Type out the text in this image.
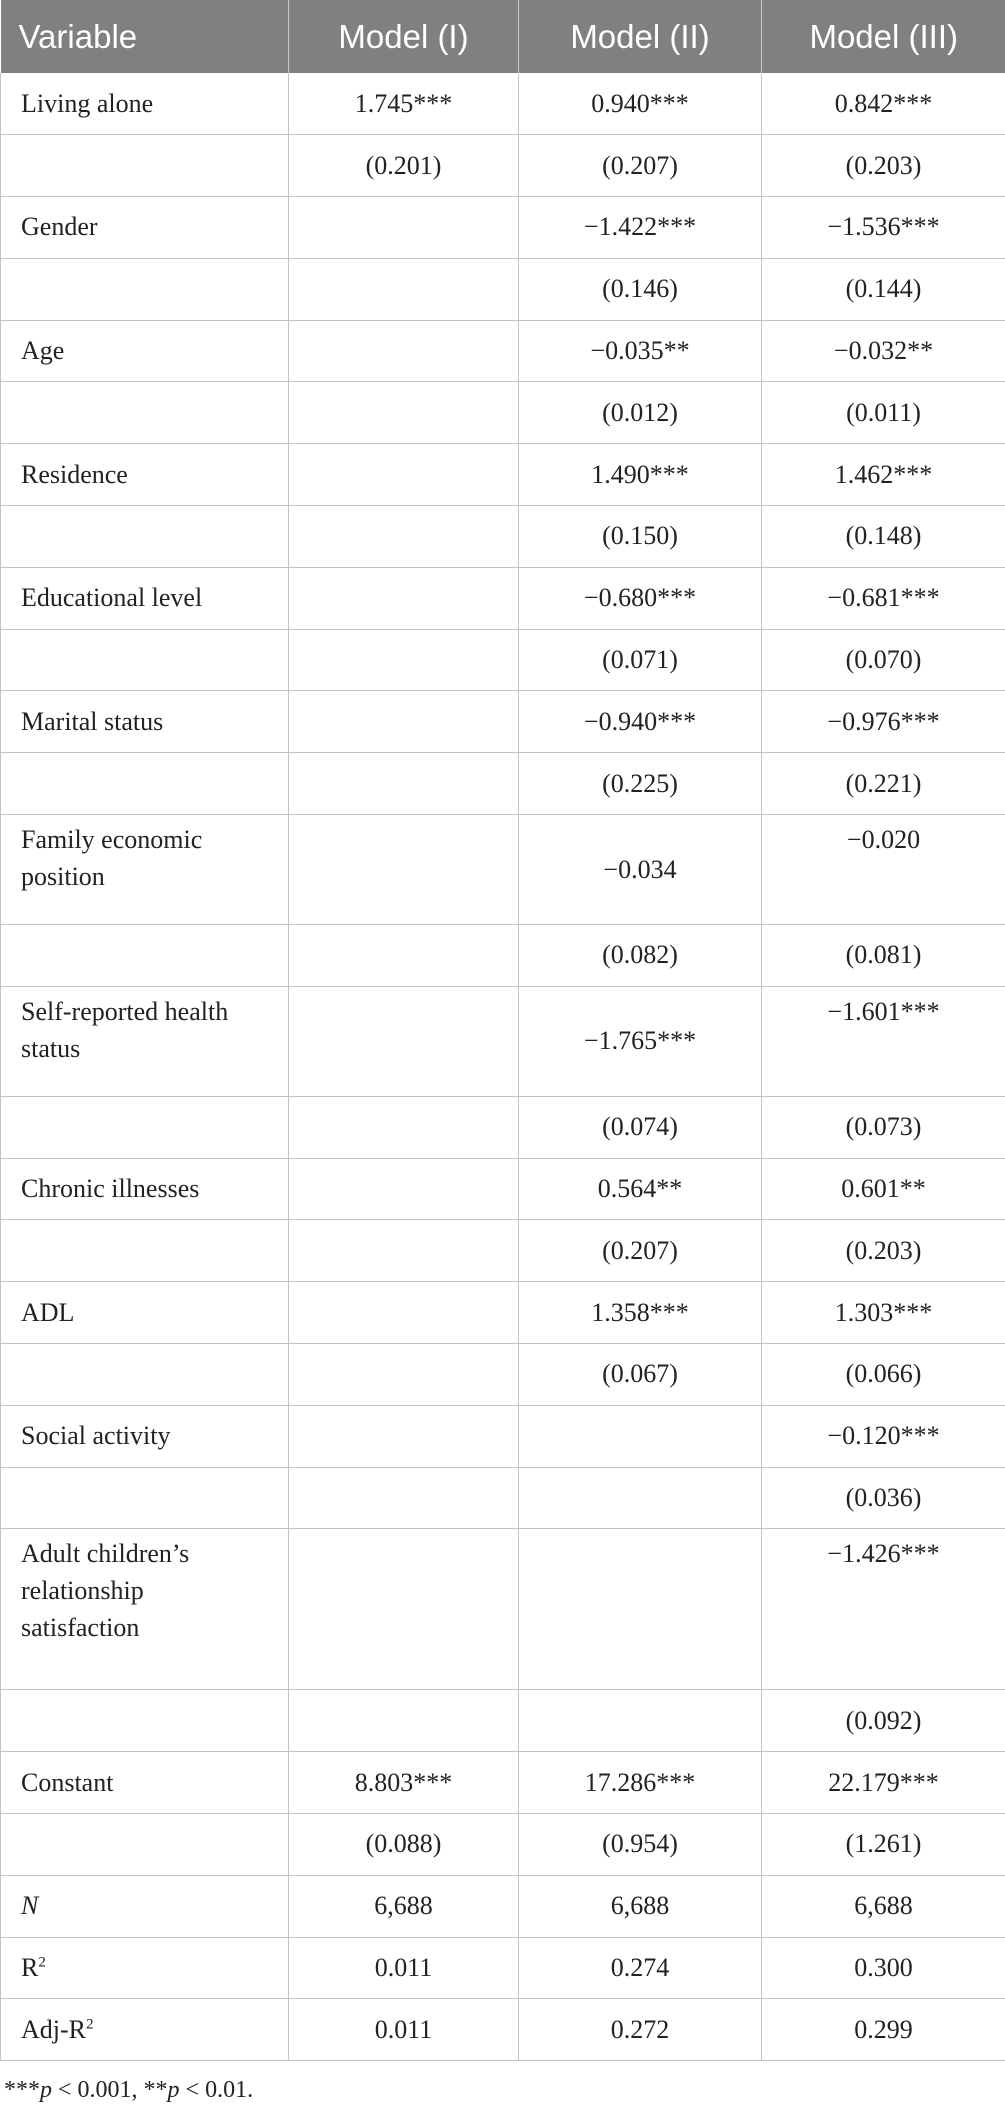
Variable	Model (I)	Model (II)	Model (III)
Living alone	1.745***	0.940***	0.842***
	(0.201)	(0.207)	(0.203)
Gender		−1.422***	−1.536***
		(0.146)	(0.144)
Age		−0.035**	−0.032**
		(0.012)	(0.011)
Residence		1.490***	1.462***
		(0.150)	(0.148)
Educational level		−0.680***	−0.681***
		(0.071)	(0.070)
Marital status		−0.940***	−0.976***
		(0.225)	(0.221)
Family economic position		−0.034	−0.020
		(0.082)	(0.081)
Self-reported health status		−1.765***	−1.601***
		(0.074)	(0.073)
Chronic illnesses		0.564**	0.601**
		(0.207)	(0.203)
ADL		1.358***	1.303***
		(0.067)	(0.066)
Social activity			−0.120***
			(0.036)
Adult children’s relationship satisfaction			−1.426***
			(0.092)
Constant	8.803***	17.286***	22.179***
	(0.088)	(0.954)	(1.261)
N	6,688	6,688	6,688
$R^2$	0.011	0.274	0.300
Adj-$R^2$	0.011	0.272	0.299
***p < 0.001, **p < 0.01.
